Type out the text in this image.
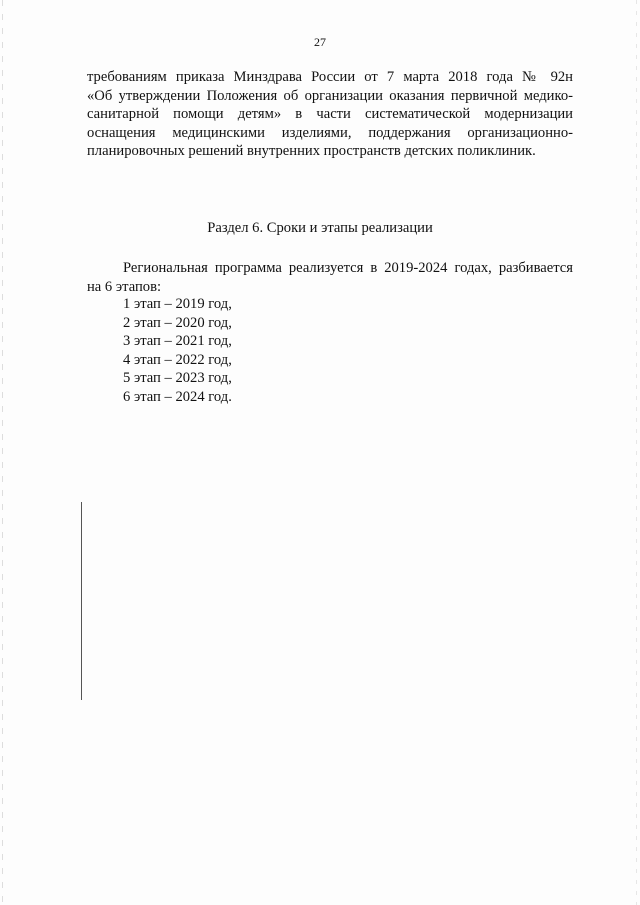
27
требованиям приказа Минздрава России от 7 марта 2018 года № 92н
«Об утверждении Положения об организации оказания первичной медико-
санитарной помощи детям» в части систематической модернизации
оснащения медицинскими изделиями, поддержания организационно-
планировочных решений внутренних пространств детских поликлиник.
Раздел 6. Сроки и этапы реализации
Региональная программа реализуется в 2019-2024 годах, разбивается
на 6 этапов:
1 этап – 2019 год,
2 этап – 2020 год,
3 этап – 2021 год,
4 этап – 2022 год,
5 этап – 2023 год,
6 этап – 2024 год.
